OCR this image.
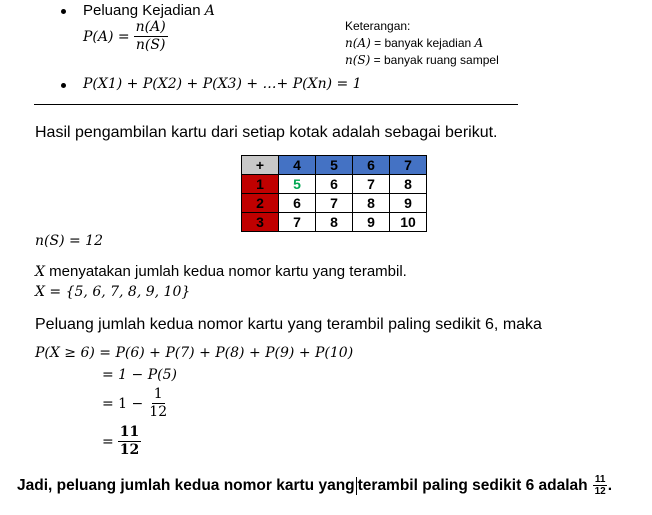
Peluang Kejadian A
$P(A) = \frac{n(A)}{n(S)}$	Keterangan:
n(A) = banyak kejadian A
n(S) = banyak ruang sampel
P(X1) + P(X2) + P(X3) + …+ P(Xn) = 1
Hasil pengambilan kartu dari setiap kotak adalah sebagai berikut.
+	4	5	6	7
1	5	6	7	8
2	6	7	8	9
3	7	8	9	10
n(S) = 12
X menyatakan jumlah kedua nomor kartu yang terambil.
X = {5, 6, 7, 8, 9, 10}
Peluang jumlah kedua nomor kartu yang terambil paling sedikit 6, maka
P(X ≥ 6) = P(6) + P(7) + P(8) + P(9) + P(10)
= 1 − P(5)
= $1 - \frac{1}{12}$
= $\frac{11}{12}$
Jadi, peluang jumlah kedua nomor kartu yang terambil paling sedikit 6 adalah $\frac{11}{12}$ .
